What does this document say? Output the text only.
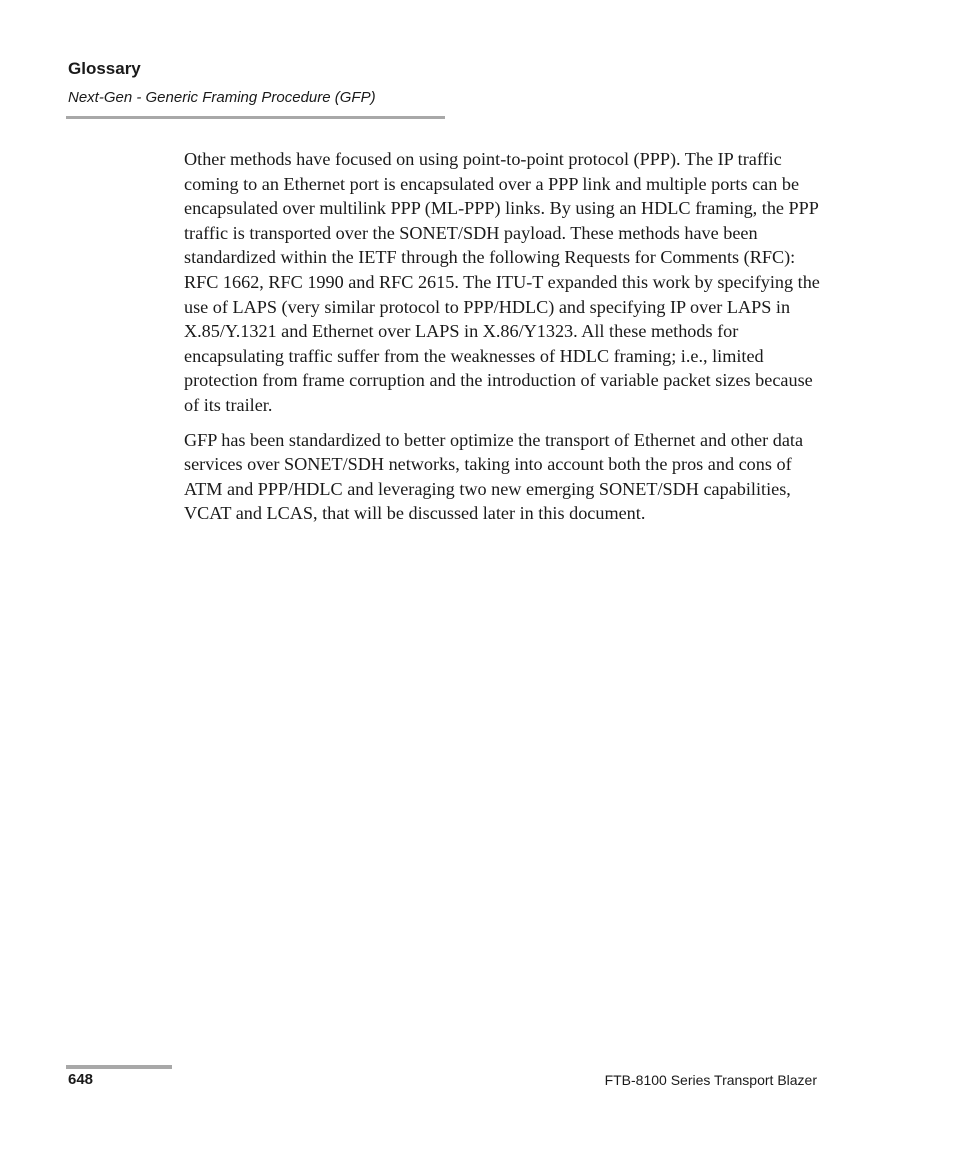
Glossary
Next-Gen - Generic Framing Procedure (GFP)

Other methods have focused on using point-to-point protocol (PPP). The IP traffic coming to an Ethernet port is encapsulated over a PPP link and multiple ports can be encapsulated over multilink PPP (ML-PPP) links. By using an HDLC framing, the PPP traffic is transported over the SONET/SDH payload. These methods have been standardized within the IETF through the following Requests for Comments (RFC): RFC 1662, RFC 1990 and RFC 2615. The ITU-T expanded this work by specifying the use of LAPS (very similar protocol to PPP/HDLC) and specifying IP over LAPS in X.85/Y.1321 and Ethernet over LAPS in X.86/Y1323. All these methods for encapsulating traffic suffer from the weaknesses of HDLC framing; i.e., limited protection from frame corruption and the introduction of variable packet sizes because of its trailer.

GFP has been standardized to better optimize the transport of Ethernet and other data services over SONET/SDH networks, taking into account both the pros and cons of ATM and PPP/HDLC and leveraging two new emerging SONET/SDH capabilities, VCAT and LCAS, that will be discussed later in this document.

648	FTB-8100 Series Transport Blazer
